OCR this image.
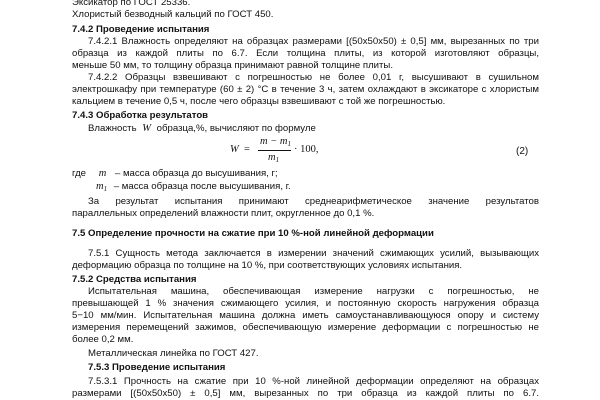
Эксикатор по ГОСТ 25336.
Хлористый безводный кальций по ГОСТ 450.
7.4.2 Проведение испытания
7.4.2.1 Влажность определяют на образцах размерами [(50x50x50) ± 0,5] мм, вырезанных по три
образца из каждой плиты по 6.7. Если толщина плиты, из которой изготовляют образцы,
меньше 50 мм, то толщину образца принимают равной толщине плиты.
7.4.2.2 Образцы взвешивают с погрешностью не более 0,01 г, высушивают в сушильном
электрошкафу при температуре (60 ± 2) °С в течение 3 ч, затем охлаждают в эксикаторе с хлористым
кальцием в течение 0,5 ч, после чего образцы взвешивают с той же погрешностью.
7.4.3 Обработка результатов
Влажность W образца,%, вычисляют по формуле
W =
$m - m_1$
$m_1$
· 100,	(2)
где m – масса образца до высушивания, г;
$m_1$ – масса образца после высушивания, г.
За результат испытания принимают среднеарифметическое значение результатов
параллельных определений влажности плит, округленное до 0,1 %.
7.5 Определение прочности на сжатие при 10 %-ной линейной деформации
7.5.1 Сущность метода заключается в измерении значений сжимающих усилий, вызывающих
деформацию образца по толщине на 10 %, при соответствующих условиях испытания.
7.5.2 Средства испытания
Испытательная машина, обеспечивающая измерение нагрузки с погрешностью, не
превышающей 1 % значения сжимающего усилия, и постоянную скорость нагружения образца
5−10 мм/мин. Испытательная машина должна иметь самоустанавливающуюся опору и систему
измерения перемещений зажимов, обеспечивающую измерение деформации с погрешностью не
более 0,2 мм.
Металлическая линейка по ГОСТ 427.
7.5.3 Проведение испытания
7.5.3.1 Прочность на сжатие при 10 %-ной линейной деформации определяют на образцах
размерами [(50x50x50) ± 0,5] мм, вырезанных по три образца из каждой плиты по 6.7.
